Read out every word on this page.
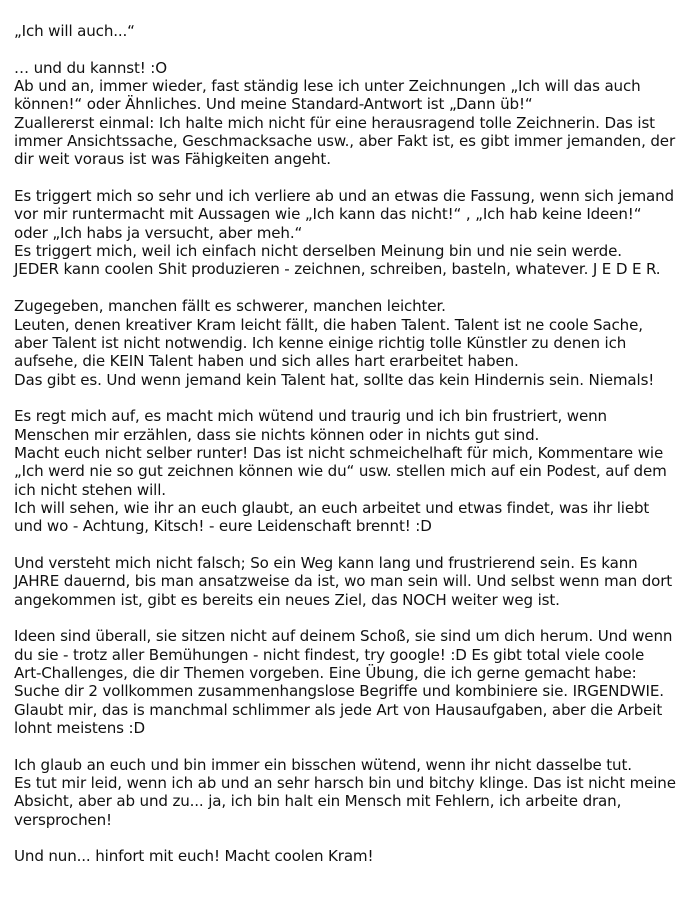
„Ich will auch...“
… und du kannst! :O
Ab und an, immer wieder, fast ständig lese ich unter Zeichnungen „Ich will das auch
können!“ oder Ähnliches. Und meine Standard-Antwort ist „Dann üb!“
Zuallererst einmal: Ich halte mich nicht für eine herausragend tolle Zeichnerin. Das ist
immer Ansichtssache, Geschmacksache usw., aber Fakt ist, es gibt immer jemanden, der
dir weit voraus ist was Fähigkeiten angeht.
Es triggert mich so sehr und ich verliere ab und an etwas die Fassung, wenn sich jemand
vor mir runtermacht mit Aussagen wie „Ich kann das nicht!“ , „Ich hab keine Ideen!“
oder „Ich habs ja versucht, aber meh.“
Es triggert mich, weil ich einfach nicht derselben Meinung bin und nie sein werde.
JEDER kann coolen Shit produzieren - zeichnen, schreiben, basteln, whatever. J E D E R.
Zugegeben, manchen fällt es schwerer, manchen leichter.
Leuten, denen kreativer Kram leicht fällt, die haben Talent. Talent ist ne coole Sache,
aber Talent ist nicht notwendig. Ich kenne einige richtig tolle Künstler zu denen ich
aufsehe, die KEIN Talent haben und sich alles hart erarbeitet haben.
Das gibt es. Und wenn jemand kein Talent hat, sollte das kein Hindernis sein. Niemals!
Es regt mich auf, es macht mich wütend und traurig und ich bin frustriert, wenn
Menschen mir erzählen, dass sie nichts können oder in nichts gut sind.
Macht euch nicht selber runter! Das ist nicht schmeichelhaft für mich, Kommentare wie
„Ich werd nie so gut zeichnen können wie du“ usw. stellen mich auf ein Podest, auf dem
ich nicht stehen will.
Ich will sehen, wie ihr an euch glaubt, an euch arbeitet und etwas findet, was ihr liebt
und wo - Achtung, Kitsch! - eure Leidenschaft brennt! :D
Und versteht mich nicht falsch; So ein Weg kann lang und frustrierend sein. Es kann
JAHRE dauernd, bis man ansatzweise da ist, wo man sein will. Und selbst wenn man dort
angekommen ist, gibt es bereits ein neues Ziel, das NOCH weiter weg ist.
Ideen sind überall, sie sitzen nicht auf deinem Schoß, sie sind um dich herum. Und wenn
du sie - trotz aller Bemühungen - nicht findest, try google! :D Es gibt total viele coole
Art-Challenges, die dir Themen vorgeben. Eine Übung, die ich gerne gemacht habe:
Suche dir 2 vollkommen zusammenhangslose Begriffe und kombiniere sie. IRGENDWIE.
Glaubt mir, das is manchmal schlimmer als jede Art von Hausaufgaben, aber die Arbeit
lohnt meistens :D
Ich glaub an euch und bin immer ein bisschen wütend, wenn ihr nicht dasselbe tut.
Es tut mir leid, wenn ich ab und an sehr harsch bin und bitchy klinge. Das ist nicht meine
Absicht, aber ab und zu... ja, ich bin halt ein Mensch mit Fehlern, ich arbeite dran,
versprochen!
Und nun... hinfort mit euch! Macht coolen Kram!
